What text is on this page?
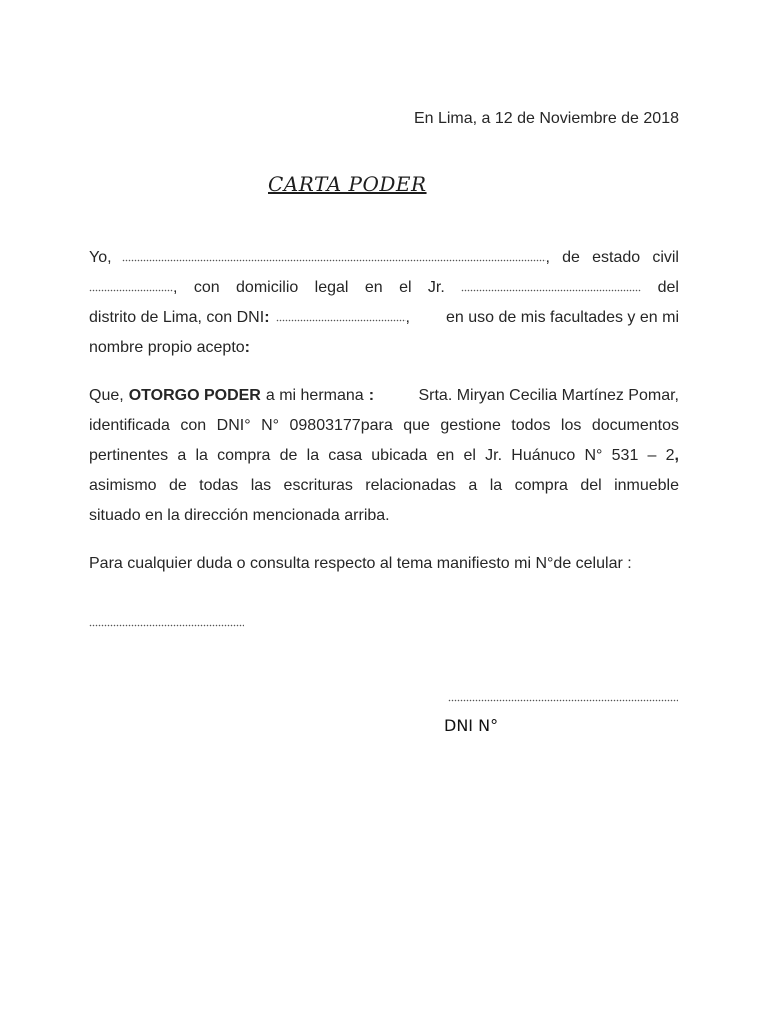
En Lima, a 12 de Noviembre de 2018
CARTA PODER
Yo,	, de estado civil
, con domicilio legal en el Jr.	del
distrito de Lima, con DNI :	, en uso de mis facultades y en mi
nombre propio acepto :
Que, OTORGO PODER a mi hermana :	Srta. Miryan Cecilia Martínez Pomar,
identificada con DNI° N° 09803177para que gestione todos los documentos
pertinentes a la compra de la casa ubicada en el Jr. Huánuco N° 531 – 2,
asimismo de todas las escrituras relacionadas a la compra del inmueble
situado en la dirección mencionada arriba.
Para cualquier duda o consulta respecto al tema manifiesto mi N°de celular :
DNI N°
